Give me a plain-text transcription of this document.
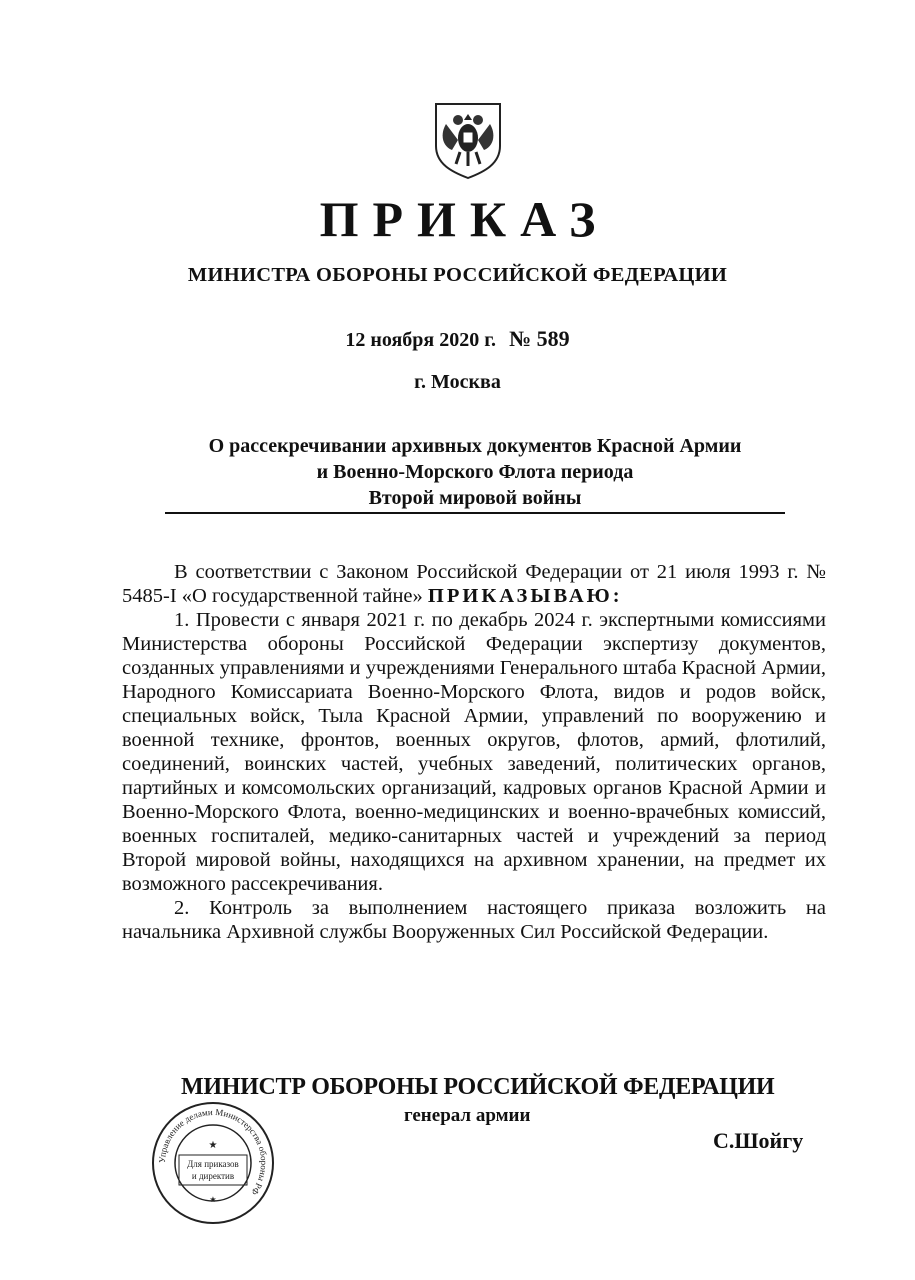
ПРИКАЗ
МИНИСТРА ОБОРОНЫ РОССИЙСКОЙ ФЕДЕРАЦИИ
12 ноября 2020 г. № 589
г. Москва
О рассекречивании архивных документов Красной Армии
и Военно-Морского Флота периода
Второй мировой войны

В соответствии с Законом Российской Федерации от 21 июля 1993 г. № 5485-I «О государственной тайне» ПРИКАЗЫВАЮ:

1. Провести с января 2021 г. по декабрь 2024 г. экспертными комиссиями Министерства обороны Российской Федерации экспертизу документов, созданных управлениями и учреждениями Генерального штаба Красной Армии, Народного Комиссариата Военно-Морского Флота, видов и родов войск, специальных войск, Тыла Красной Армии, управлений по вооружению и военной технике, фронтов, военных округов, флотов, армий, флотилий, соединений, воинских частей, учебных заведений, политических органов, партийных и комсомольских организаций, кадровых органов Красной Армии и Военно-Морского Флота, военно-медицинских и военно-врачебных комиссий, военных госпиталей, медико-санитарных частей и учреждений за период Второй мировой войны, находящихся на архивном хранении, на предмет их возможного рассекречивания.

2. Контроль за выполнением настоящего приказа возложить на начальника Архивной службы Вооруженных Сил Российской Федерации.

МИНИСТР ОБОРОНЫ РОССИЙСКОЙ ФЕДЕРАЦИИ
генерал армии
С.Шойгу
Управление делами Министерства обороны РФ
★
Для приказов
и директив
★
